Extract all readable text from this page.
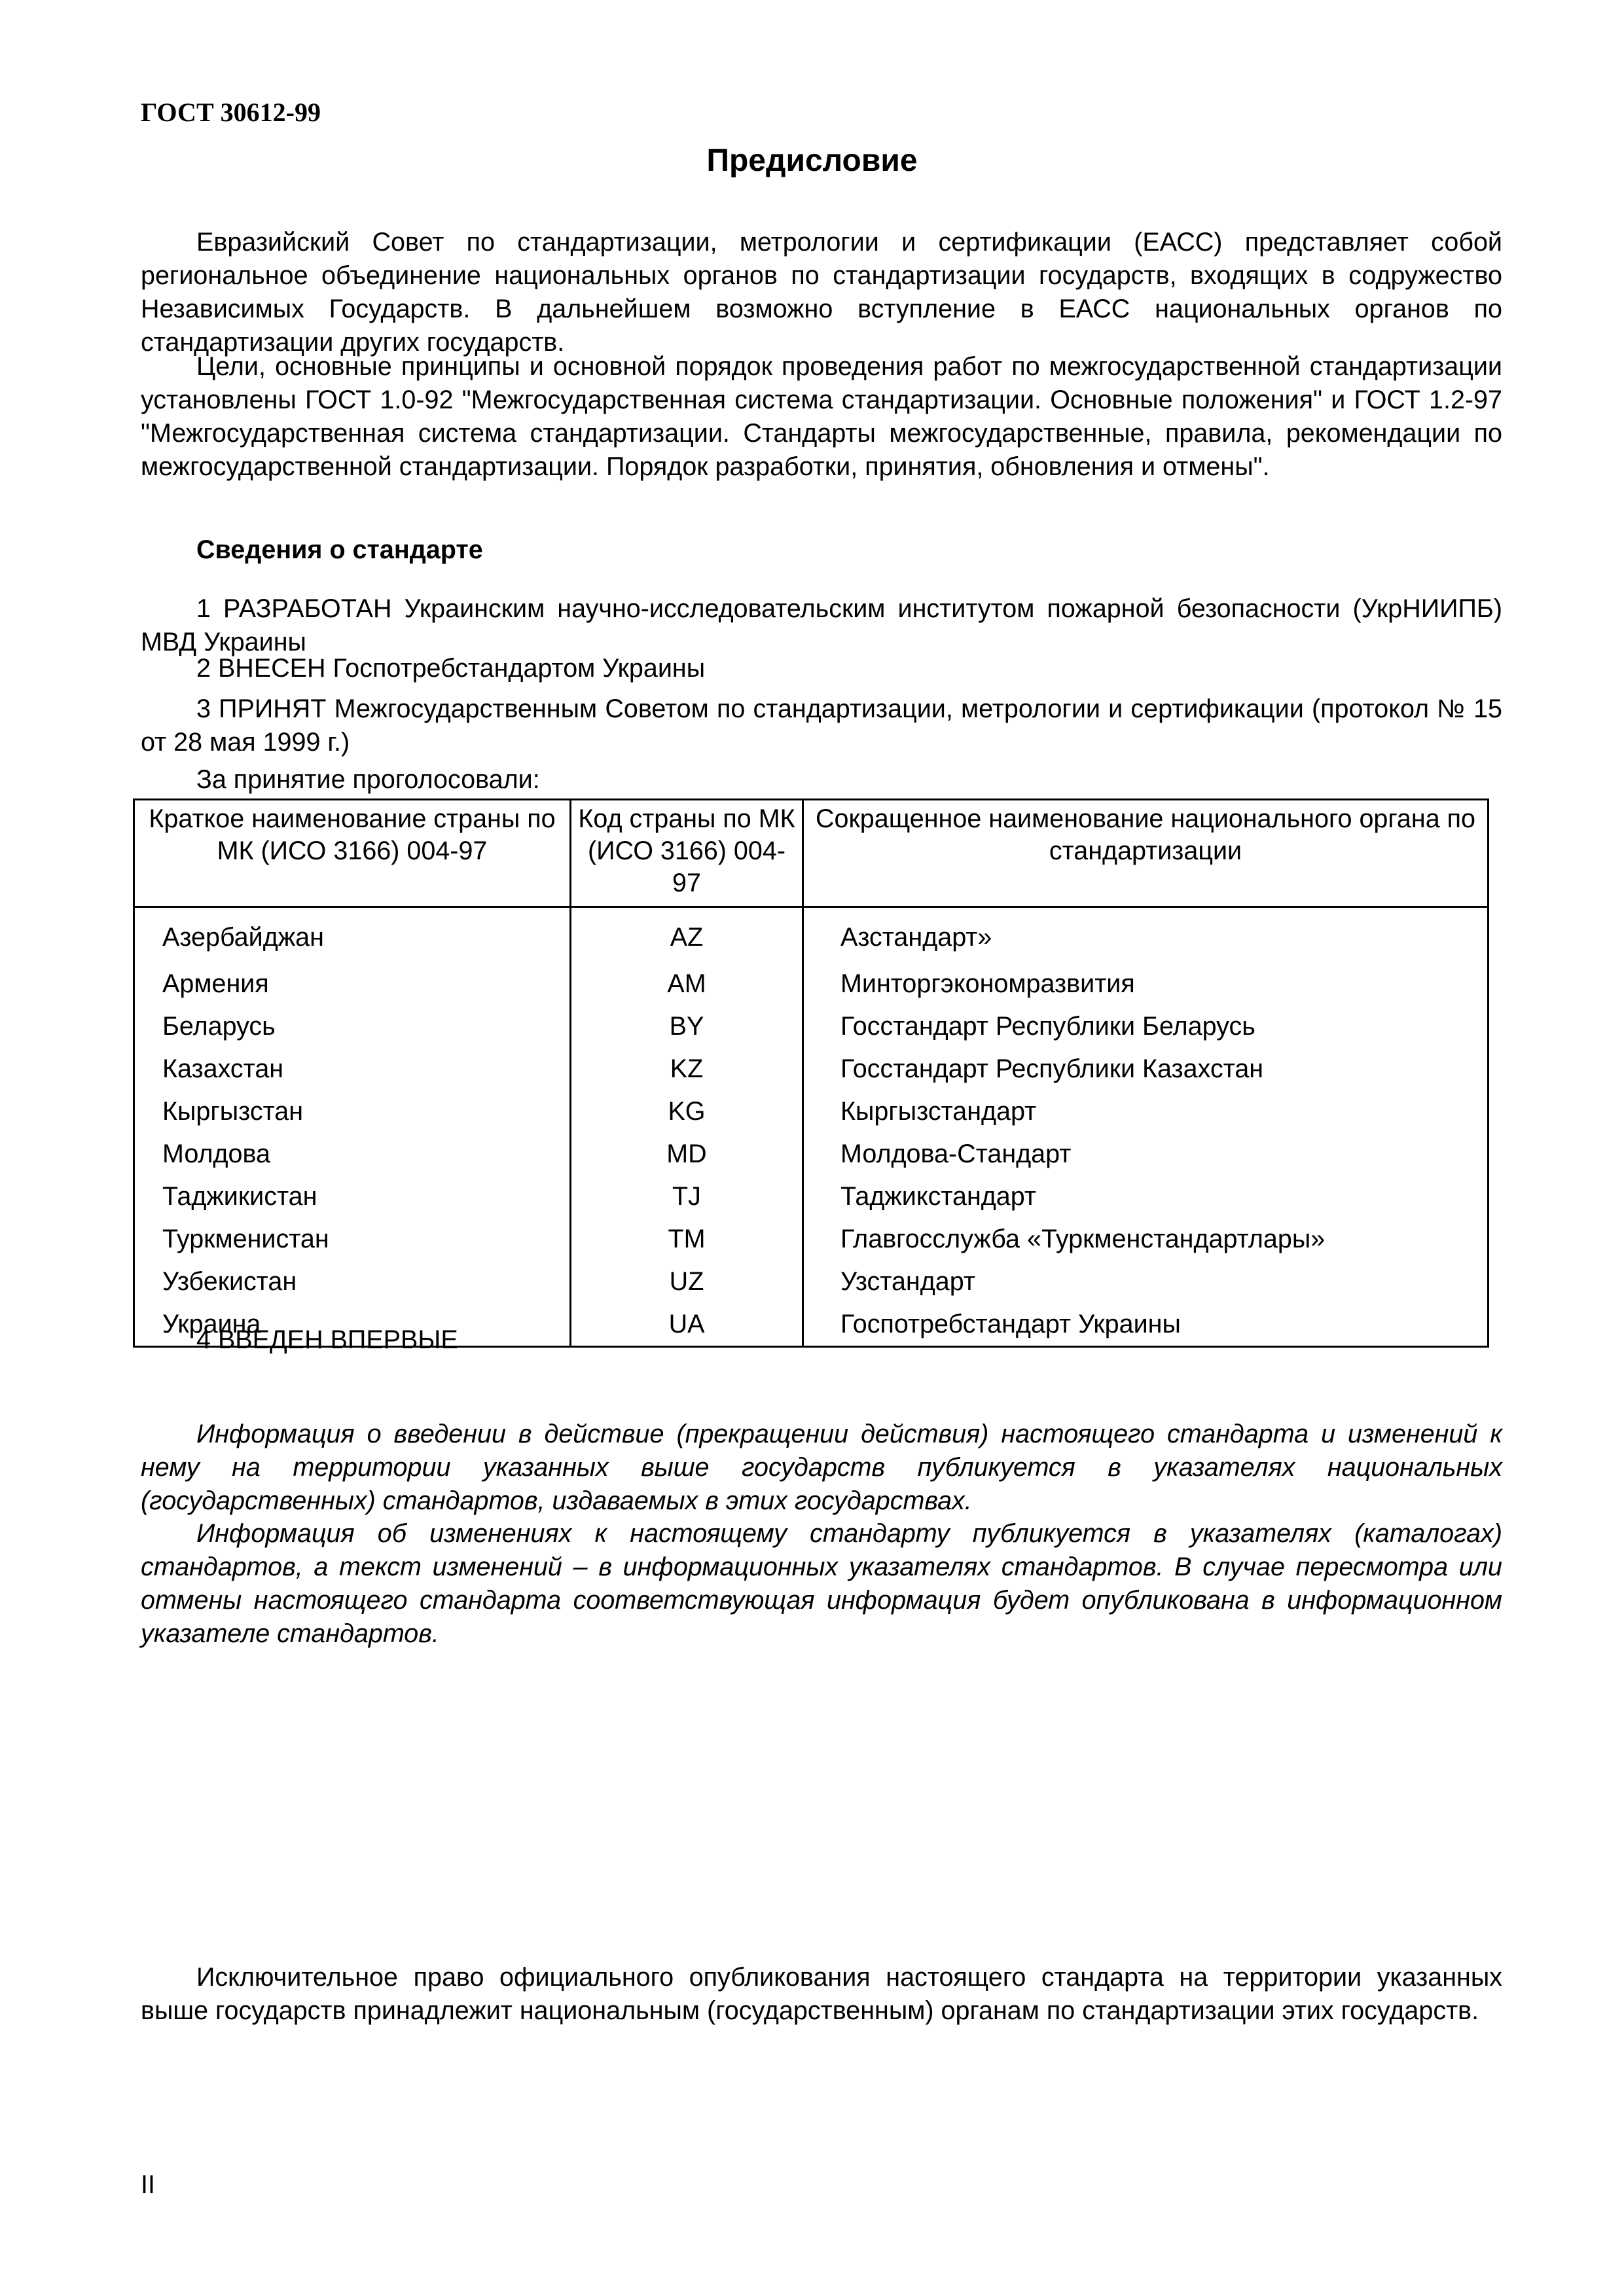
ГОСТ 30612-99
Предисловие

Евразийский Совет по стандартизации, метрологии и сертификации (ЕАСС) представляет собой региональное объединение национальных органов по стандартизации государств, входящих в содружество Независимых Государств. В дальнейшем возможно вступление в ЕАСС национальных органов по стандартизации других государств.

Цели, основные принципы и основной порядок проведения работ по межгосударственной стандартизации установлены ГОСТ 1.0-92 "Межгосударственная система стандартизации. Основные положения" и ГОСТ 1.2-97 "Межгосударственная система стандартизации. Стандарты межгосударственные, правила, рекомендации по межгосударственной стандартизации. Порядок разработки, принятия, обновления и отмены".

Сведения о стандарте

1 РАЗРАБОТАН Украинским научно-исследовательским институтом пожарной безопасности (УкрНИИПБ) МВД Украины

2 ВНЕСЕН Госпотребстандартом Украины

3 ПРИНЯТ Межгосударственным Советом по стандартизации, метрологии и сертификации (протокол № 15 от 28 мая 1999 г.)

За принятие проголосовали:
Краткое наименование страны по МК (ИСО 3166) 004-97	Код страны по МК (ИСО 3166) 004-97	Сокращенное наименование национального органа по стандартизации
Азербайджан	AZ	Азстандарт»
Армения	AM	Минторгэкономразвития
Беларусь	BY	Госстандарт Республики Беларусь
Казахстан	KZ	Госстандарт Республики Казахстан
Кыргызстан	KG	Кыргызстандарт
Молдова	MD	Молдова-Стандарт
Таджикистан	TJ	Таджикстандарт
Туркменистан	TM	Главгосслужба «Туркменстандартлары»
Узбекистан	UZ	Узстандарт
Украина	UA	Госпотребстандарт Украины
4 ВВЕДЕН ВПЕРВЫЕ

Информация о введении в действие (прекращении действия) настоящего стандарта и изменений к нему на территории указанных выше государств публикуется в указателях национальных (государственных) стандартов, издаваемых в этих государствах.

Информация об изменениях к настоящему стандарту публикуется в указателях (каталогах) стандартов, а текст изменений – в информационных указателях стандартов. В случае пересмотра или отмены настоящего стандарта соответствующая информация будет опубликована в информационном указателе стандартов.

Исключительное право официального опубликования настоящего стандарта на территории указанных выше государств принадлежит национальным (государственным) органам по стандартизации этих государств.

II
